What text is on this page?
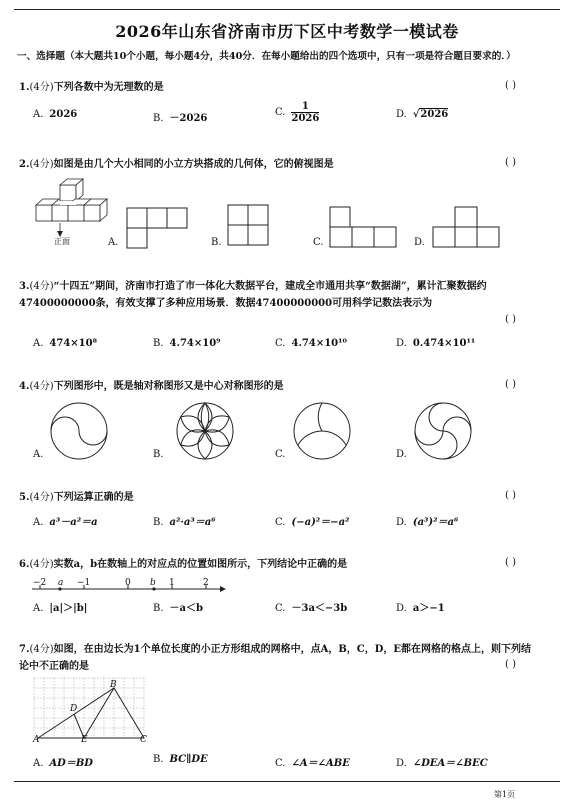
2026年山东省济南市历下区中考数学一模试卷
一、选择题（本大题共10个小题，每小题4分，共40分．在每小题给出的四个选项中，只有一项是符合题目要求的．）
1.(4分)下列各数中为无理数的是	( )
A. 2026	B. －2026
C. $\frac{1}{2026}$	D. √2026
2.(4分)如图是由几个大小相同的小立方块搭成的几何体，它的俯视图是	( )
正面	A.	B.	C.	D.
3.(4分)“十四五”期间，济南市打造了市一体化大数据平台，建成全市通用共享“数据湖”，累计汇聚数据约47400000000条，有效支撑了多种应用场景．数据47400000000可用科学记数法表示为
( )
A. 474×10⁸	B. 4.74×10⁹	C. 4.74×10¹⁰	D. 0.474×10¹¹
4.(4分)下列图形中，既是轴对称图形又是中心对称图形的是	( )
A.	B.	C.	D.
5.(4分)下列运算正确的是	( )
A. a³－a²＝a	B. a²·a³＝a⁶	C. (−a)²＝−a²	D. (a³)²＝a⁶
6.(4分)实数a，b在数轴上的对应点的位置如图所示，下列结论中正确的是	( )
−2 a −1	0 b 1	2
A. |a|＞|b|	B. －a＜b	C. －3a＜−3b	D. a＞−1
7.(4分)如图，在由边长为1个单位长度的小正方形组成的网格中，点A，B，C，D，E都在网格的格点上，则下列结论中不正确的是	( )
B
D
A	E	C
A. AD＝BD	B. BC∥DE	C. ∠A＝∠ABE	D. ∠DEA＝∠BEC
第1页
